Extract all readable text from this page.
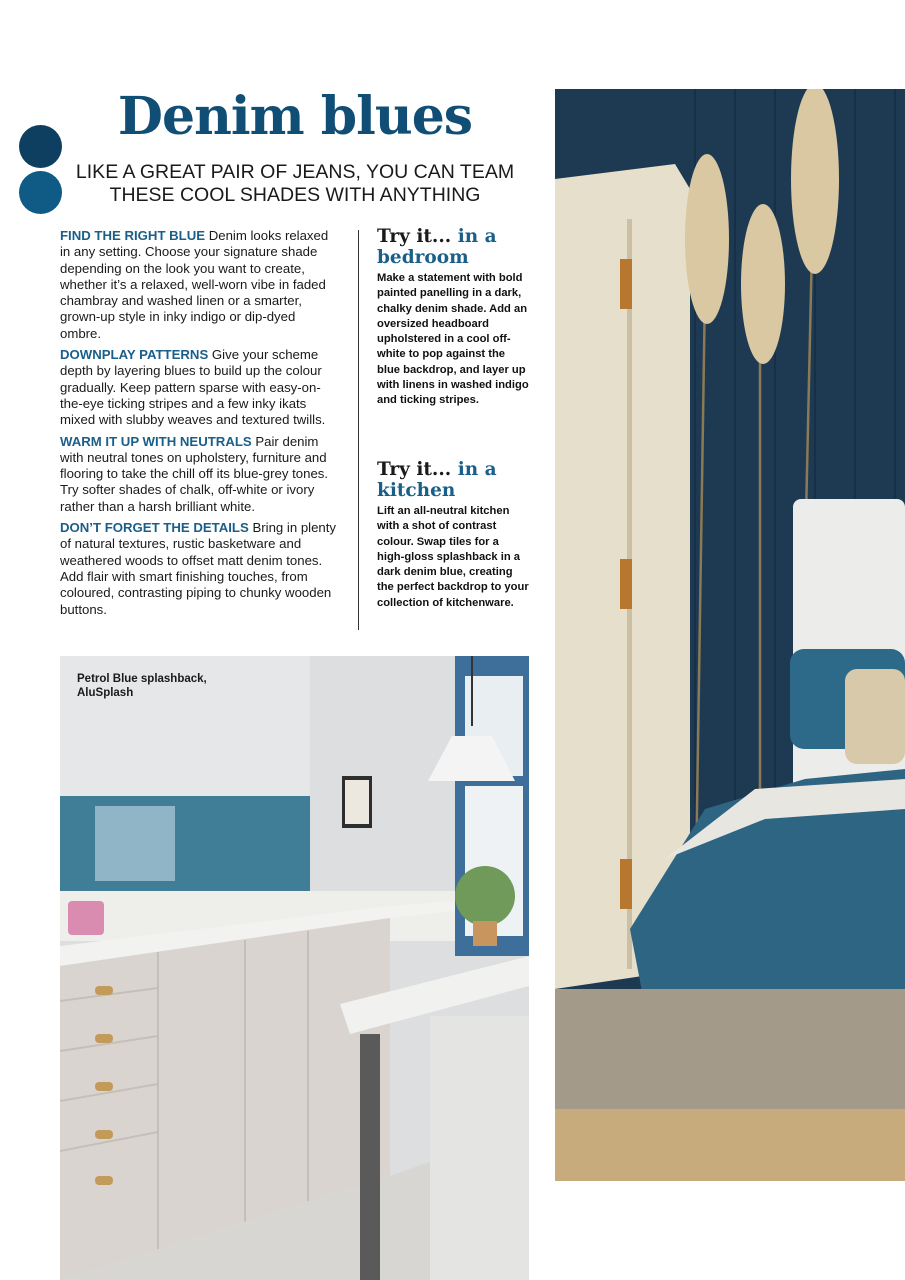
Denim blues

LIKE A GREAT PAIR OF JEANS, YOU CAN TEAM
THESE COOL SHADES WITH ANYTHING

FIND THE RIGHT BLUE Denim looks relaxed in any setting. Choose your signature shade depending on the look you want to create, whether it’s a relaxed, well-worn vibe in faded chambray and washed linen or a smarter, grown-up style in inky indigo or dip-dyed ombre.

DOWNPLAY PATTERNS Give your scheme depth by layering blues to build up the colour gradually. Keep pattern sparse with easy-on-the-eye ticking stripes and a few inky ikats mixed with slubby weaves and textured twills.

WARM IT UP WITH NEUTRALS Pair denim with neutral tones on upholstery, furniture and flooring to take the chill off its blue-grey tones. Try softer shades of chalk, off-white or ivory rather than a harsh brilliant white.

DON’T FORGET THE DETAILS Bring in plenty of natural textures, rustic basketware and weathered woods to offset matt denim tones. Add flair with smart finishing touches, from coloured, contrasting piping to chunky wooden buttons.

Try it... in a bedroom

Make a statement with bold painted panelling in a dark, chalky denim shade. Add an oversized headboard upholstered in a cool off-white to pop against the blue backdrop, and layer up with linens in washed indigo and ticking stripes.

Try it... in a kitchen

Lift an all-neutral kitchen with a shot of contrast colour. Swap tiles for a high-gloss splashback in a dark denim blue, creating the perfect backdrop to your collection of kitchenware.

Petrol Blue splashback,
AluSplash
